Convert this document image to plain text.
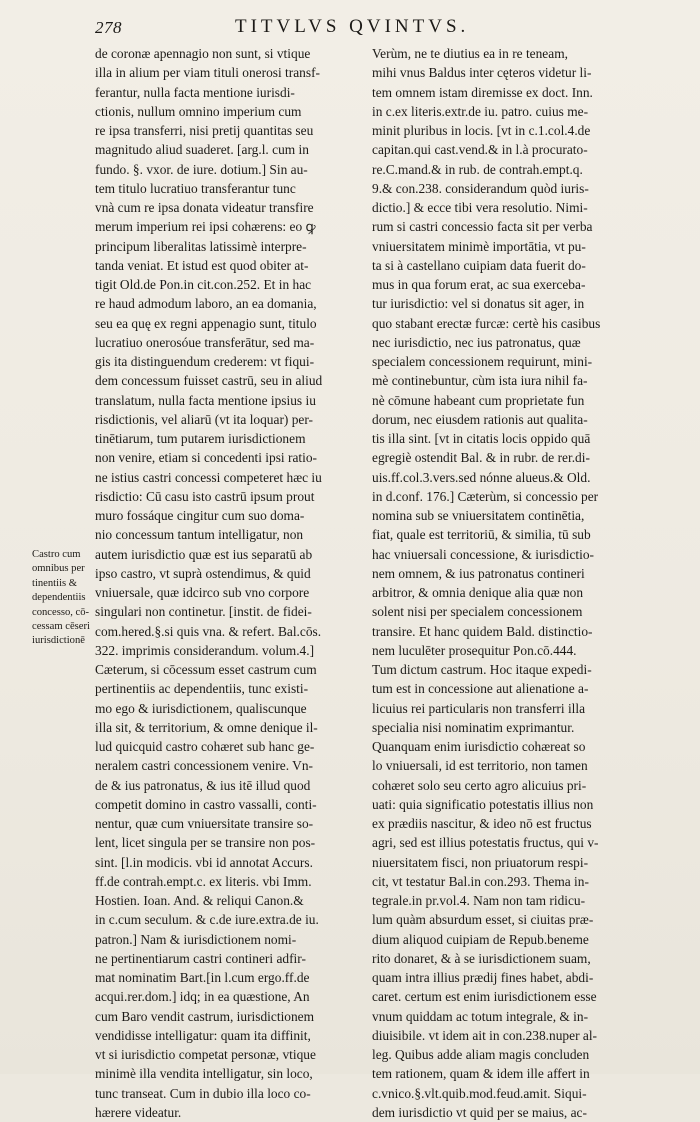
278	TITVLVS QVINTVS.
de coronæ apennagio non sunt, si vtique
illa in alium per viam tituli onerosi transf-
ferantur, nulla facta mentione iurisdi-
ctionis, nullum omnino imperium cum
re ipsa transferri, nisi pretij quantitas seu
magnitudo aliud suaderet. [arg.l. cum in
fundo. §. vxor. de iure. dotium.] Sin au-
tem titulo lucratiuo transferantur tunc
vnà cum re ipsa donata videatur transfire
merum imperium rei ipsi cohærens: eo ꝙ
principum liberalitas latissimè interpre-
tanda veniat. Et istud est quod obiter at-
tigit Old.de Pon.in cit.con.252. Et in hac
re haud admodum laboro, an ea domania,
seu ea quę ex regni appenagio sunt, titulo
lucratiuo onerosóue transferātur, sed ma-
gis ita distinguendum crederem: vt fiqui-
dem concessum fuisset castrū, seu in aliud
translatum, nulla facta mentione ipsius iu
risdictionis, vel aliarū (vt ita loquar) per-
tinētiarum, tum putarem iurisdictionem
non venire, etiam si concedenti ipsi ratio-
ne istius castri concessi competeret hæc iu
risdictio: Cū casu isto castrū ipsum prout
muro fossáque cingitur cum suo doma-
nio concessum tantum intelligatur, non
autem iurisdictio quæ est ius separatū ab
ipso castro, vt suprà ostendimus, & quid
vniuersale, quæ idcirco sub vno corpore
singulari non continetur. [instit. de fidei-
com.hered.§.si quis vna. & refert. Bal.cōs.
322. imprimis considerandum. volum.4.]
Cæterum, si cōcessum esset castrum cum
pertinentiis ac dependentiis, tunc existi-
mo ego & iurisdictionem, qualiscunque
illa sit, & territorium, & omne denique il-
lud quicquid castro cohæret sub hanc ge-
neralem castri concessionem venire. Vn-
de & ius patronatus, & ius itē illud quod
competit domino in castro vassalli, conti-
nentur, quæ cum vniuersitate transire so-
lent, licet singula per se transire non pos-
sint. [l.in modicis. vbi id annotat Accurs.
ff.de contrah.empt.c. ex literis. vbi Imm.
Hostien. Ioan. And. & reliqui Canon.&
in c.cum seculum. & c.de iure.extra.de iu.
patron.] Nam & iurisdictionem nomi-
ne pertinentiarum castri contineri adfir-
mat nominatim Bart.[in l.cum ergo.ff.de
acqui.rer.dom.] idq; in ea quæstione, An
cum Baro vendit castrum, iurisdictionem
vendidisse intelligatur: quam ita diffinit,
vt si iurisdictio competat personæ, vtique
minimè illa vendita intelligatur, sin loco,
tunc transeat. Cum in dubio illa loco co-
hærere videatur.
Verùm, ne te diutius ea in re teneam,
mihi vnus Baldus inter cęteros videtur li-
tem omnem istam diremisse ex doct. Inn.
in c.ex literis.extr.de iu. patro. cuius me-
minit pluribus in locis. [vt in c.1.col.4.de
capitan.qui cast.vend.& in l.à procurato-
re.C.mand.& in rub. de contrah.empt.q.
9.& con.238. considerandum quòd iuris-
dictio.] & ecce tibi vera resolutio. Nimi-
rum si castri concessio facta sit per verba
vniuersitatem minimè importātia, vt pu-
ta si à castellano cuipiam data fuerit do-
mus in qua forum erat, ac sua exerceba-
tur iurisdictio: vel si donatus sit ager, in
quo stabant erectæ furcæ: certè his casibus
nec iurisdictio, nec ius patronatus, quæ
specialem concessionem requirunt, mini-
mè continebuntur, cùm ista iura nihil fa-
nè cōmune habeant cum proprietate fun
dorum, nec eiusdem rationis aut qualita-
tis illa sint. [vt in citatis locis oppido quā
egregiè ostendit Bal. & in rubr. de rer.di-
uis.ff.col.3.vers.sed nónne alueus.& Old.
in d.conf. 176.] Cæterùm, si concessio per
nomina sub se vniuersitatem continētia,
fiat, quale est territoriū, & similia, tū sub
hac vniuersali concessione, & iurisdictio-
nem omnem, & ius patronatus contineri
arbitror, & omnia denique alia quæ non
solent nisi per specialem concessionem
transire. Et hanc quidem Bald. distinctio-
nem luculēter prosequitur Pon.cō.444.
Tum dictum castrum. Hoc itaque expedi-
tum est in concessione aut alienatione a-
licuius rei particularis non transferri illa
specialia nisi nominatim exprimantur.
Quanquam enim iurisdictio cohæreat so
lo vniuersali, id est territorio, non tamen
cohæret solo seu certo agro alicuius pri-
uati: quia significatio potestatis illius non
ex prædiis nascitur, & ideo nō est fructus
agri, sed est illius potestatis fructus, qui v-
niuersitatem fisci, non priuatorum respi-
cit, vt testatur Bal.in con.293. Thema in-
tegrale.in pr.vol.4. Nam non tam ridicu-
lum quàm absurdum esset, si ciuitas præ-
dium aliquod cuipiam de Repub.beneme
rito donaret, & à se iurisdictionem suam,
quam intra illius prædij fines habet, abdi-
caret. certum est enim iurisdictionem esse
vnum quiddam ac totum integrale, & in-
diuisibile. vt idem ait in con.238.nuper al-
leg. Quibus adde aliam magis concluden
tem rationem, quam & idem ille affert in
c.vnico.§.vlt.quib.mod.feud.amit. Siqui-
dem iurisdictio vt quid per se maius, ac-
Castro cum
omnibus per
tinentiis &
dependentiis
concesso, cō-
cessam cēseri
iurisdictionē
